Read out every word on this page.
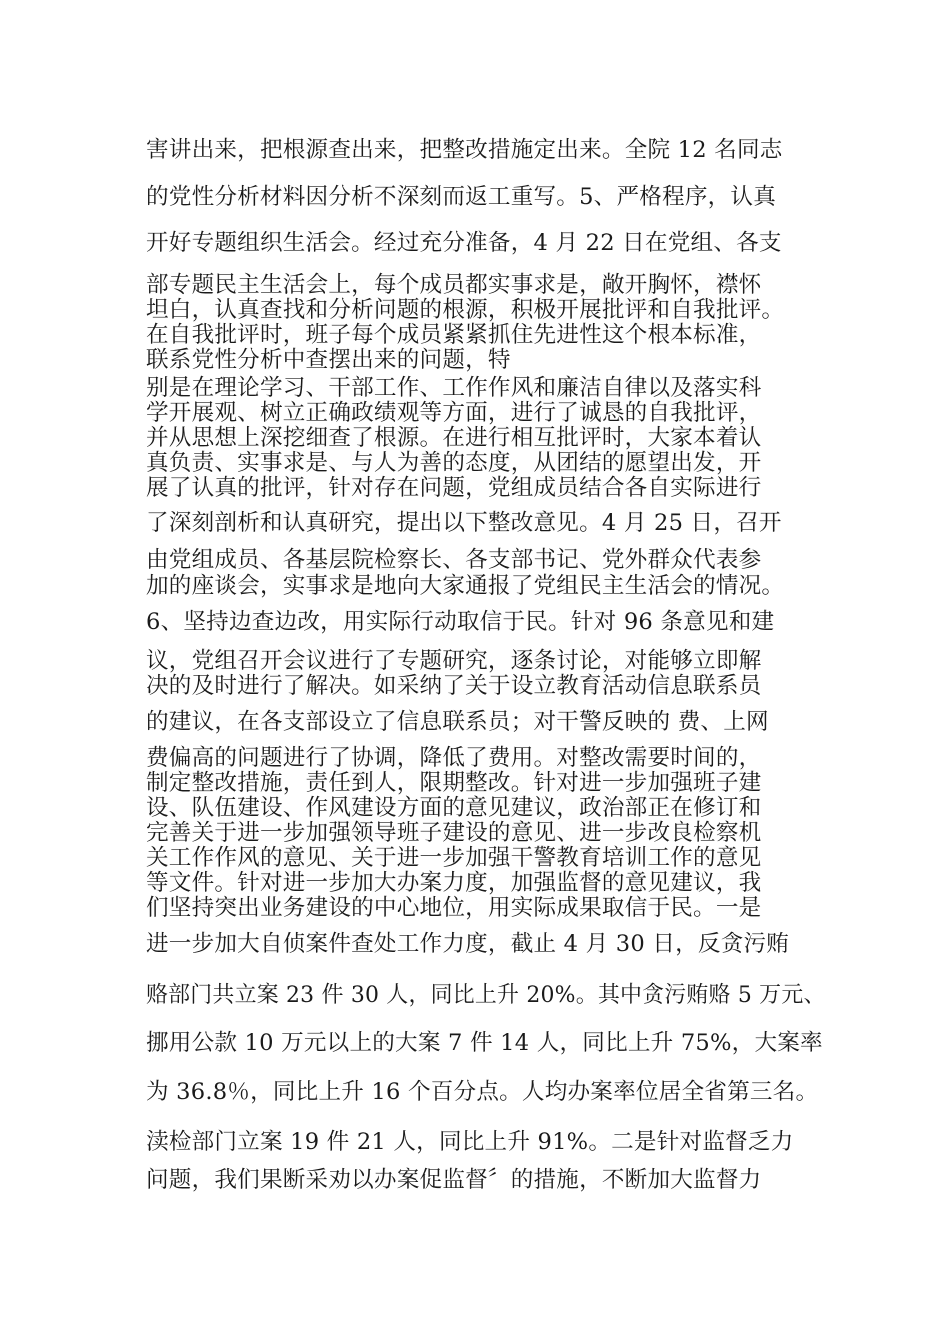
害讲出来，把根源查出来，把整改措施定出来。全院 12 名同志
的党性分析材料因分析不深刻而返工重写。5、严格程序，认真
开好专题组织生活会。经过充分准备，4 月 22 日在党组、各支
部专题民主生活会上，每个成员都实事求是，敞开胸怀，襟怀
坦白，认真查找和分析问题的根源，积极开展批评和自我批评。
在自我批评时，班子每个成员紧紧抓住先进性这个根本标准，
联系党性分析中查摆出来的问题，特
别是在理论学习、干部工作、工作作风和廉洁自律以及落实科
学开展观、树立正确政绩观等方面，进行了诚恳的自我批评，
并从思想上深挖细查了根源。在进行相互批评时，大家本着认
真负责、实事求是、与人为善的态度，从团结的愿望出发，开
展了认真的批评，针对存在问题，党组成员结合各自实际进行
了深刻剖析和认真研究，提出以下整改意见。4 月 25 日，召开
由党组成员、各基层院检察长、各支部书记、党外群众代表参
加的座谈会，实事求是地向大家通报了党组民主生活会的情况。
6、坚持边查边改，用实际行动取信于民。针对 96 条意见和建
议，党组召开会议进行了专题研究，逐条讨论，对能够立即解
决的及时进行了解决。如采纳了关于设立教育活动信息联系员
的建议，在各支部设立了信息联系员；对干警反映的 费、上网
费偏高的问题进行了协调，降低了费用。对整改需要时间的，
制定整改措施，责任到人，限期整改。针对进一步加强班子建
设、队伍建设、作风建设方面的意见建议，政治部正在修订和
完善关于进一步加强领导班子建设的意见、进一步改良检察机
关工作作风的意见、关于进一步加强干警教育培训工作的意见
等文件。针对进一步加大办案力度，加强监督的意见建议，我
们坚持突出业务建设的中心地位，用实际成果取信于民。一是
进一步加大自侦案件查处工作力度，截止 4 月 30 日，反贪污贿
赂部门共立案 23 件 30 人，同比上升 20%。其中贪污贿赂 5 万元、
挪用公款 10 万元以上的大案 7 件 14 人，同比上升 75%，大案率
为 36.8％，同比上升 16 个百分点。人均办案率位居全省第三名。
渎检部门立案 19 件 21 人，同比上升 91%。二是针对监督乏力
问题，我们果断采劝以办案促监督〞的措施，不断加大监督力
